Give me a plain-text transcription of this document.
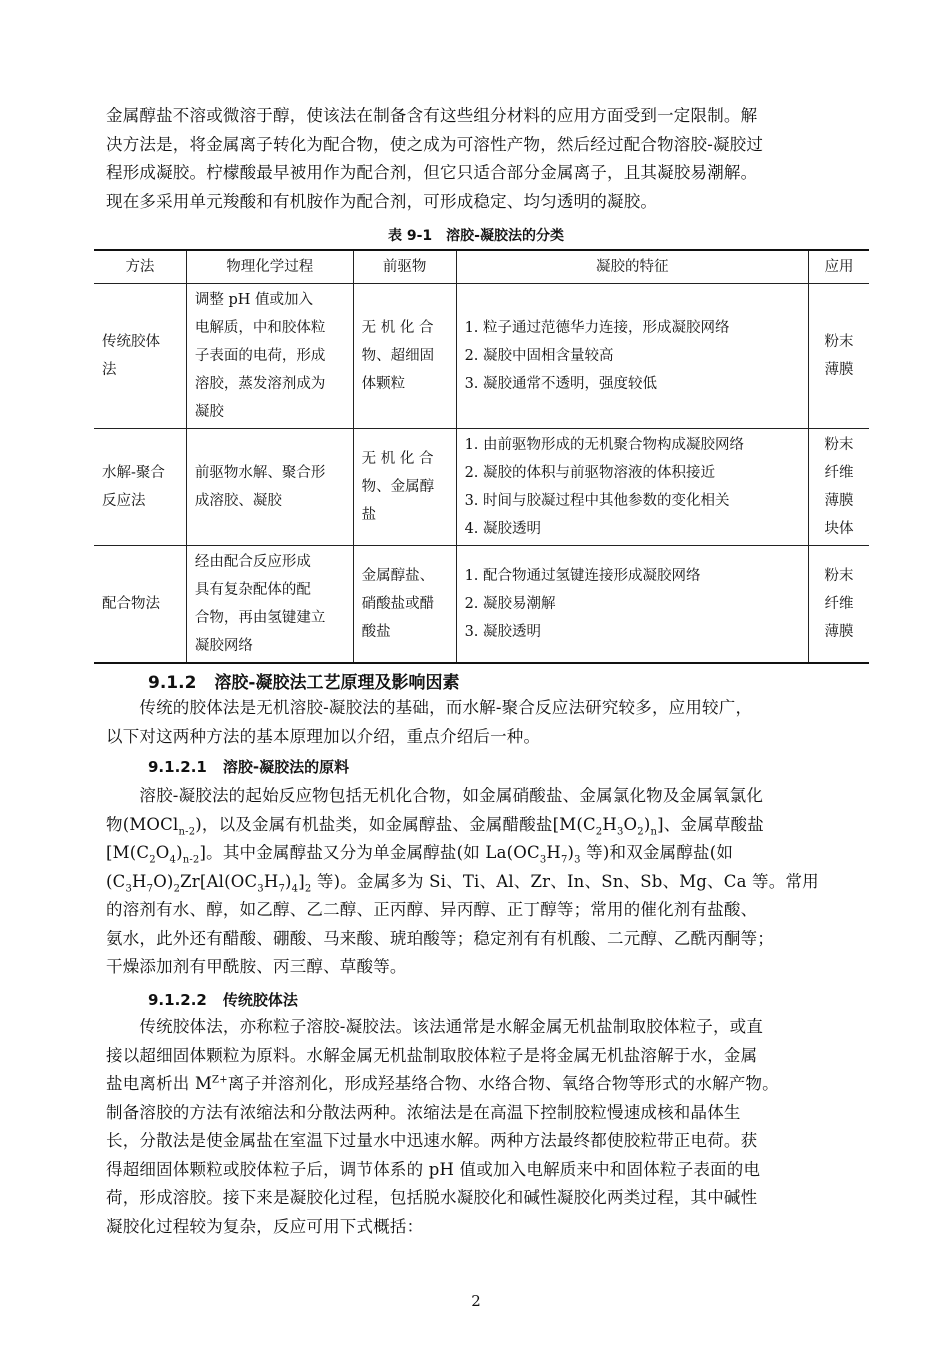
金属醇盐不溶或微溶于醇，使该法在制备含有这些组分材料的应用方面受到一定限制。解
决方法是，将金属离子转化为配合物，使之成为可溶性产物，然后经过配合物溶胶-凝胶过
程形成凝胶。柠檬酸最早被用作为配合剂，但它只适合部分金属离子，且其凝胶易潮解。
现在多采用单元羧酸和有机胺作为配合剂，可形成稳定、均匀透明的凝胶。
表 9-1　溶胶-凝胶法的分类
方法	物理化学过程	前驱物	凝胶的特征	应用

传统胶体
法	调整 pH 值或加入
电解质，中和胶体粒
子表面的电荷，形成
溶胶，蒸发溶剂成为
凝胶	无 机 化 合
物、超细固
体颗粒	1. 粒子通过范德华力连接，形成凝胶网络
2. 凝胶中固相含量较高
3. 凝胶通常不透明，强度较低	粉末
薄膜

水解-聚合
反应法	前驱物水解、聚合形
成溶胶、凝胶	无 机 化 合
物、金属醇
盐	1. 由前驱物形成的无机聚合物构成凝胶网络
2. 凝胶的体积与前驱物溶液的体积接近
3. 时间与胶凝过程中其他参数的变化相关
4. 凝胶透明	粉末
纤维
薄膜
块体

配合物法	经由配合反应形成
具有复杂配体的配
合物，再由氢键建立
凝胶网络	金属醇盐、
硝酸盐或醋
酸盐	1. 配合物通过氢键连接形成凝胶网络
2. 凝胶易潮解
3. 凝胶透明	粉末
纤维
薄膜
9.1.2 溶胶-凝胶法工艺原理及影响因素
　　传统的胶体法是无机溶胶-凝胶法的基础，而水解-聚合反应法研究较多，应用较广，
以下对这两种方法的基本原理加以介绍，重点介绍后一种。
9.1.2.1 溶胶-凝胶法的原料
　　溶胶-凝胶法的起始反应物包括无机化合物，如金属硝酸盐、金属氯化物及金属氧氯化
物(MOCl$_{n-2}$)，以及金属有机盐类，如金属醇盐、金属醋酸盐$[M(C_2H_3O_2)_n]$、金属草酸盐
$[M(C_2O_4)_{n-2}]$。其中金属醇盐又分为单金属醇盐(如 $La(OC_3H_7)_3$ 等)和双金属醇盐(如
$(C_3H_7O)_2Zr[Al(OC_3H_7)_4]_2$ 等)。金属多为 Si、Ti、Al、Zr、In、Sn、Sb、Mg、Ca 等。常用
的溶剂有水、醇，如乙醇、乙二醇、正丙醇、异丙醇、正丁醇等；常用的催化剂有盐酸、
氨水，此外还有醋酸、硼酸、马来酸、琥珀酸等；稳定剂有有机酸、二元醇、乙酰丙酮等；
干燥添加剂有甲酰胺、丙三醇、草酸等。
9.1.2.2 传统胶体法
　　传统胶体法，亦称粒子溶胶-凝胶法。该法通常是水解金属无机盐制取胶体粒子，或直
接以超细固体颗粒为原料。水解金属无机盐制取胶体粒子是将金属无机盐溶解于水，金属
盐电离析出 $M^{Z+}$离子并溶剂化，形成羟基络合物、水络合物、氧络合物等形式的水解产物。
制备溶胶的方法有浓缩法和分散法两种。浓缩法是在高温下控制胶粒慢速成核和晶体生
长，分散法是使金属盐在室温下过量水中迅速水解。两种方法最终都使胶粒带正电荷。获
得超细固体颗粒或胶体粒子后，调节体系的 pH 值或加入电解质来中和固体粒子表面的电
荷，形成溶胶。接下来是凝胶化过程，包括脱水凝胶化和碱性凝胶化两类过程，其中碱性
凝胶化过程较为复杂，反应可用下式概括：
2
